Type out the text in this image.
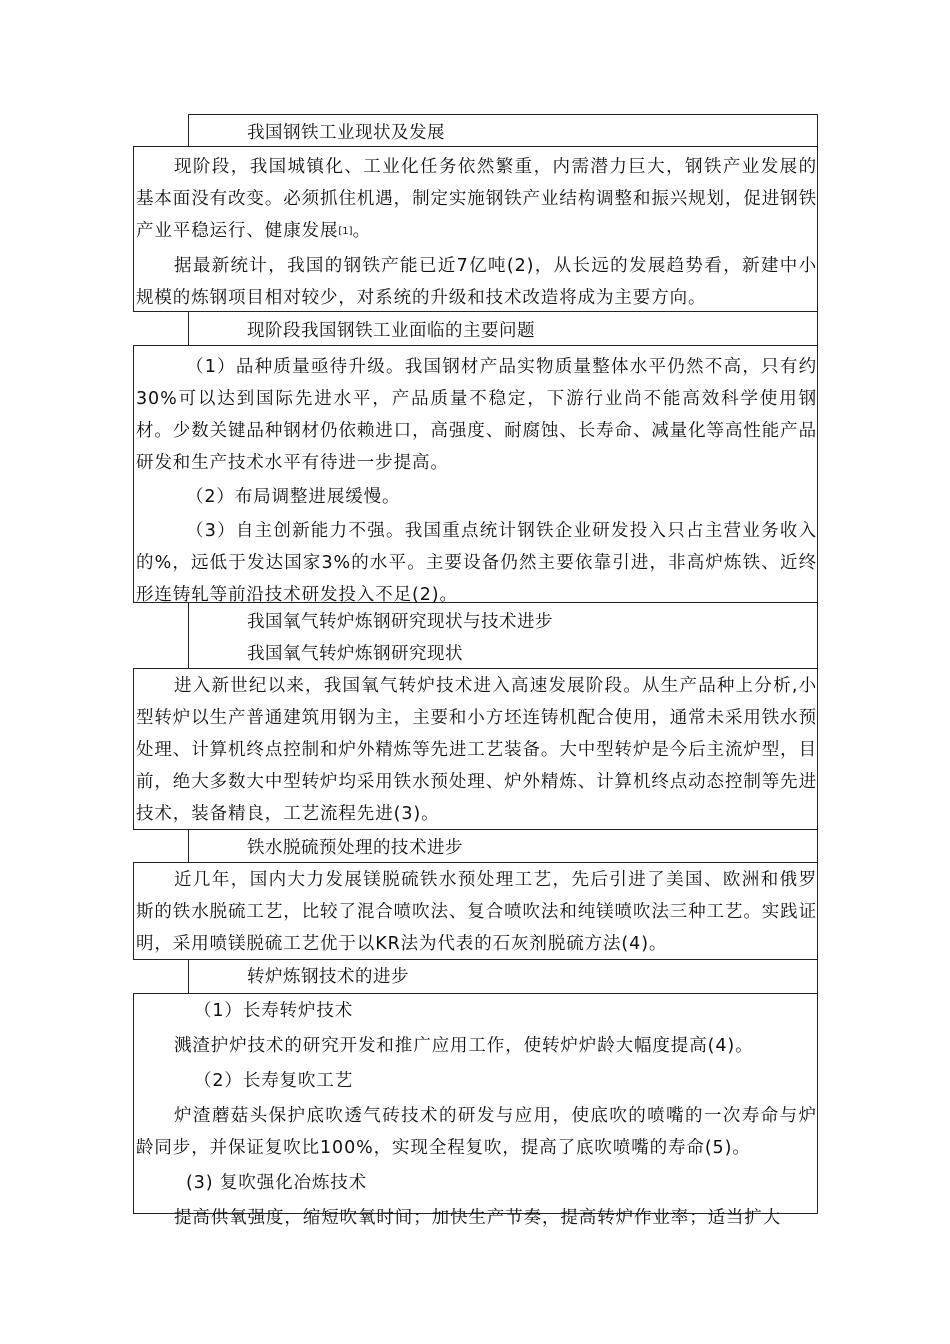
我国钢铁工业现状及发展

现阶段，我国城镇化、工业化任务依然繁重，内需潜力巨大，钢铁产业发展的基本面没有改变。必须抓住机遇，制定实施钢铁产业结构调整和振兴规划，促进钢铁产业平稳运行、健康发展[1]。

据最新统计，我国的钢铁产能已近7亿吨(2)，从长远的发展趋势看，新建中小规模的炼钢项目相对较少，对系统的升级和技术改造将成为主要方向。

现阶段我国钢铁工业面临的主要问题

（1）品种质量亟待升级。我国钢材产品实物质量整体水平仍然不高，只有约30%可以达到国际先进水平，产品质量不稳定，下游行业尚不能高效科学使用钢材。少数关键品种钢材仍依赖进口，高强度、耐腐蚀、长寿命、减量化等高性能产品研发和生产技术水平有待进一步提高。

（2）布局调整进展缓慢。

（3）自主创新能力不强。我国重点统计钢铁企业研发投入只占主营业务收入的%，远低于发达国家3%的水平。主要设备仍然主要依靠引进，非高炉炼铁、近终形连铸轧等前沿技术研发投入不足(2)。

我国氧气转炉炼钢研究现状与技术进步
我国氧气转炉炼钢研究现状

进入新世纪以来，我国氧气转炉技术进入高速发展阶段。从生产品种上分析,小型转炉以生产普通建筑用钢为主，主要和小方坯连铸机配合使用，通常未采用铁水预处理、计算机终点控制和炉外精炼等先进工艺装备。大中型转炉是今后主流炉型，目前，绝大多数大中型转炉均采用铁水预处理、炉外精炼、计算机终点动态控制等先进技术，装备精良，工艺流程先进(3)。

铁水脱硫预处理的技术进步

近几年，国内大力发展镁脱硫铁水预处理工艺，先后引进了美国、欧洲和俄罗斯的铁水脱硫工艺，比较了混合喷吹法、复合喷吹法和纯镁喷吹法三种工艺。实践证明，采用喷镁脱硫工艺优于以KR法为代表的石灰剂脱硫方法(4)。

转炉炼钢技术的进步

（1）长寿转炉技术

溅渣护炉技术的研究开发和推广应用工作，使转炉炉龄大幅度提高(4)。

（2）长寿复吹工艺

炉渣蘑菇头保护底吹透气砖技术的研发与应用，使底吹的喷嘴的一次寿命与炉龄同步，并保证复吹比100%，实现全程复吹，提高了底吹喷嘴的寿命(5)。

(3) 复吹强化冶炼技术

提高供氧强度，缩短吹氧时间；加快生产节奏，提高转炉作业率；适当扩大
